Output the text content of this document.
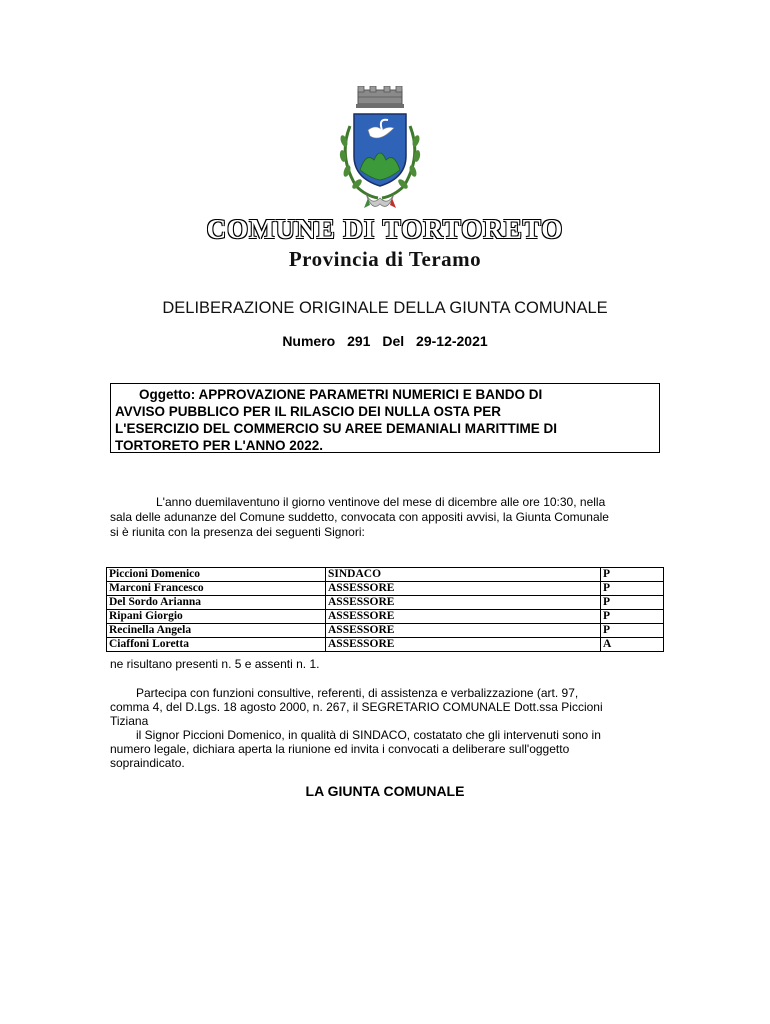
COMUNE DI TORTORETO
Provincia di Teramo
DELIBERAZIONE ORIGINALE DELLA GIUNTA COMUNALE
Numero 291 Del 29-12-2021
Oggetto: APPROVAZIONE PARAMETRI NUMERICI E BANDO DI
AVVISO PUBBLICO PER IL RILASCIO DEI NULLA OSTA PER
L'ESERCIZIO DEL COMMERCIO SU AREE DEMANIALI MARITTIME DI
TORTORETO PER L'ANNO 2022.
L'anno duemilaventuno il giorno ventinove del mese di dicembre alle ore 10:30, nella
sala delle adunanze del Comune suddetto, convocata con appositi avvisi, la Giunta Comunale
si è riunita con la presenza dei seguenti Signori:
Piccioni Domenico	SINDACO	P
Marconi Francesco	ASSESSORE	P
Del Sordo Arianna	ASSESSORE	P
Ripani Giorgio	ASSESSORE	P
Recinella Angela	ASSESSORE	P
Ciaffoni Loretta	ASSESSORE	A
ne risultano presenti n. 5 e assenti n. 1.
Partecipa con funzioni consultive, referenti, di assistenza e verbalizzazione (art. 97,
comma 4, del D.Lgs. 18 agosto 2000, n. 267, il SEGRETARIO COMUNALE Dott.ssa Piccioni
Tiziana
il Signor Piccioni Domenico, in qualità di SINDACO, costatato che gli intervenuti sono in
numero legale, dichiara aperta la riunione ed invita i convocati a deliberare sull'oggetto
sopraindicato.
LA GIUNTA COMUNALE
